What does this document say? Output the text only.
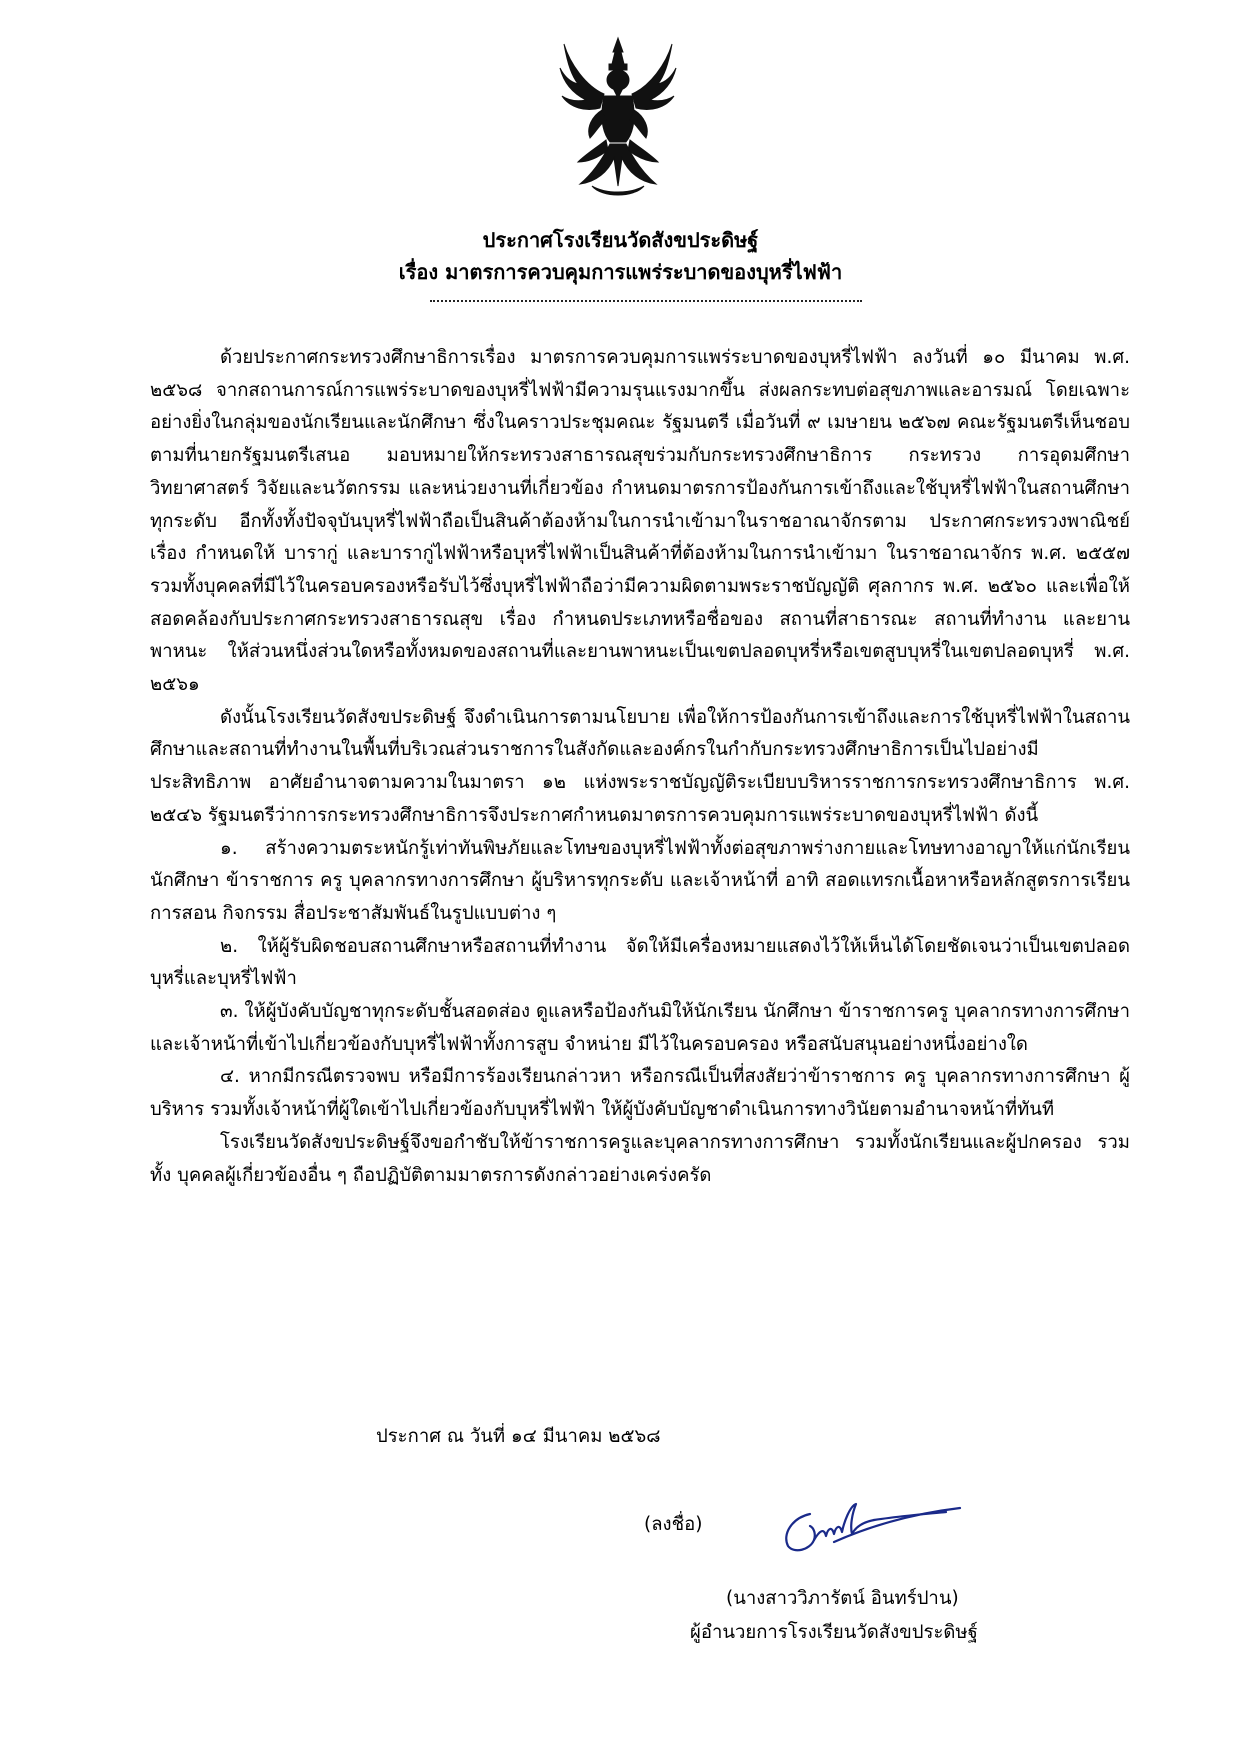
ประกาศโรงเรียนวัดสังขประดิษฐ์
เรื่อง มาตรการควบคุมการแพร่ระบาดของบุหรี่ไฟฟ้า

ด้วยประกาศกระทรวงศึกษาธิการเรื่อง มาตรการควบคุมการแพร่ระบาดของบุหรี่ไฟฟ้า ลงวันที่ ๑๐ มีนาคม พ.ศ. ๒๕๖๘ จากสถานการณ์การแพร่ระบาดของบุหรี่ไฟฟ้ามีความรุนแรงมากขึ้น ส่งผลกระทบต่อสุขภาพและอารมณ์ โดยเฉพาะอย่างยิ่งในกลุ่มของนักเรียนและนักศึกษา ซึ่งในคราวประชุมคณะ รัฐมนตรี เมื่อวันที่ ๙ เมษายน ๒๕๖๗ คณะรัฐมนตรีเห็นชอบตามที่นายกรัฐมนตรีเสนอ มอบหมายให้กระทรวงสาธารณสุขร่วมกับกระทรวงศึกษาธิการ กระทรวง การอุดมศึกษา วิทยาศาสตร์ วิจัยและนวัตกรรม และหน่วยงานที่เกี่ยวข้อง กำหนดมาตรการป้องกันการเข้าถึงและใช้บุหรี่ไฟฟ้าในสถานศึกษาทุกระดับ อีกทั้งทั้งปัจจุบันบุหรี่ไฟฟ้าถือเป็นสินค้าต้องห้ามในการนำเข้ามาในราชอาณาจักรตาม ประกาศกระทรวงพาณิชย์ เรื่อง กำหนดให้ บารากู่ และบารากู่ไฟฟ้าหรือบุหรี่ไฟฟ้าเป็นสินค้าที่ต้องห้ามในการนำเข้ามา ในราชอาณาจักร พ.ศ. ๒๕๕๗ รวมทั้งบุคคลที่มีไว้ในครอบครองหรือรับไว้ซึ่งบุหรี่ไฟฟ้าถือว่ามีความผิดตามพระราชบัญญัติ ศุลกากร พ.ศ. ๒๕๖๐ และเพื่อให้สอดคล้องกับประกาศกระทรวงสาธารณสุข เรื่อง กำหนดประเภทหรือชื่อของ สถานที่สาธารณะ สถานที่ทำงาน และยานพาหนะ ให้ส่วนหนึ่งส่วนใดหรือทั้งหมดของสถานที่และยานพาหนะเป็นเขตปลอดบุหรี่หรือเขตสูบบุหรี่ในเขตปลอดบุหรี่ พ.ศ. ๒๕๖๑

ดังนั้นโรงเรียนวัดสังขประดิษฐ์ จึงดำเนินการตามนโยบาย เพื่อให้การป้องกันการเข้าถึงและการใช้บุหรี่ไฟฟ้าในสถานศึกษาและสถานที่ทำงานในพื้นที่บริเวณส่วนราชการในสังกัดและองค์กรในกำกับกระทรวงศึกษาธิการเป็นไปอย่างมีประสิทธิภาพ อาศัยอำนาจตามความในมาตรา ๑๒ แห่งพระราชบัญญัติระเบียบบริหารราชการกระทรวงศึกษาธิการ พ.ศ. ๒๕๔๖ รัฐมนตรีว่าการกระทรวงศึกษาธิการจึงประกาศกำหนดมาตรการควบคุมการแพร่ระบาดของบุหรี่ไฟฟ้า ดังนี้

๑. สร้างความตระหนักรู้เท่าทันพิษภัยและโทษของบุหรี่ไฟฟ้าทั้งต่อสุขภาพร่างกายและโทษทางอาญาให้แก่นักเรียน นักศึกษา ข้าราชการ ครู บุคลากรทางการศึกษา ผู้บริหารทุกระดับ และเจ้าหน้าที่ อาทิ สอดแทรกเนื้อหาหรือหลักสูตรการเรียนการสอน กิจกรรม สื่อประชาสัมพันธ์ในรูปแบบต่าง ๆ

๒. ให้ผู้รับผิดชอบสถานศึกษาหรือสถานที่ทำงาน จัดให้มีเครื่องหมายแสดงไว้ให้เห็นได้โดยชัดเจนว่าเป็นเขตปลอดบุหรี่และบุหรี่ไฟฟ้า

๓. ให้ผู้บังคับบัญชาทุกระดับชั้นสอดส่อง ดูแลหรือป้องกันมิให้นักเรียน นักศึกษา ข้าราชการครู บุคลากรทางการศึกษา และเจ้าหน้าที่เข้าไปเกี่ยวข้องกับบุหรี่ไฟฟ้าทั้งการสูบ จำหน่าย มีไว้ในครอบครอง หรือสนับสนุนอย่างหนึ่งอย่างใด

๔. หากมีกรณีตรวจพบ หรือมีการร้องเรียนกล่าวหา หรือกรณีเป็นที่สงสัยว่าข้าราชการ ครู บุคลากรทางการศึกษา ผู้บริหาร รวมทั้งเจ้าหน้าที่ผู้ใดเข้าไปเกี่ยวข้องกับบุหรี่ไฟฟ้า ให้ผู้บังคับบัญชาดำเนินการทางวินัยตามอำนาจหน้าที่ทันที

โรงเรียนวัดสังขประดิษฐ์จึงขอกำชับให้ข้าราชการครูและบุคลากรทางการศึกษา รวมทั้งนักเรียนและผู้ปกครอง รวมทั้ง บุคคลผู้เกี่ยวข้องอื่น ๆ ถือปฏิบัติตามมาตรการดังกล่าวอย่างเคร่งครัด

ประกาศ ณ วันที่ ๑๔ มีนาคม ๒๕๖๘
(ลงชื่อ)
(นางสาววิภารัตน์ อินทร์ปาน)
ผู้อำนวยการโรงเรียนวัดสังขประดิษฐ์
